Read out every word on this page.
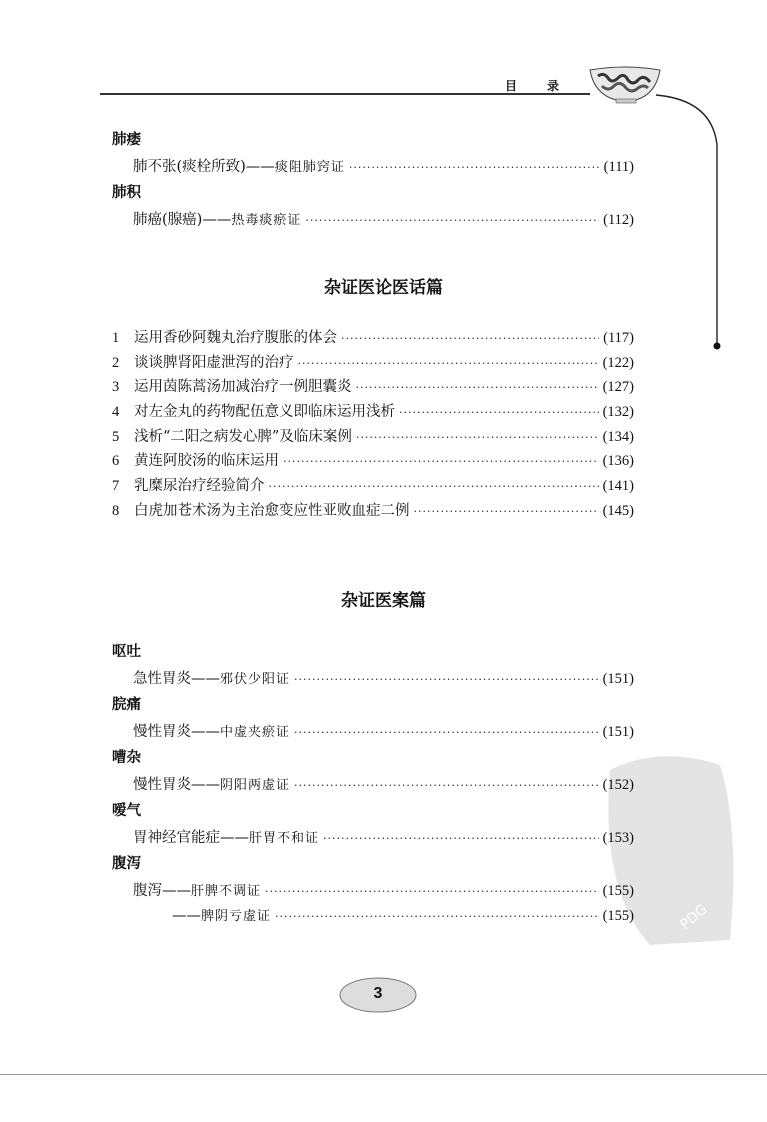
目录
PDG
肺痿
肺不张(痰栓所致)—— 痰阻肺窍证 ·····	(111)
肺积
肺癌(腺癌)—— 热毒痰瘀证 ·····	(112)
杂证医论医话篇
1	运用香砂阿魏丸治疗腹胀的体会 ·····	(117)
2	谈谈脾肾阳虚泄泻的治疗 ·····	(122)
3	运用茵陈蒿汤加减治疗一例胆囊炎 ·····	(127)
4	对左金丸的药物配伍意义即临床运用浅析 ·····	(132)
5	浅析“二阳之病发心脾”及临床案例 ·····	(134)
6	黄连阿胶汤的临床运用 ·····	(136)
7	乳糜尿治疗经验简介 ·····	(141)
8	白虎加苍术汤为主治愈变应性亚败血症二例 ·····	(145)
杂证医案篇
呕吐
急性胃炎—— 邪伏少阳证 ·····	(151)
脘痛
慢性胃炎—— 中虚夹瘀证 ·····	(151)
嘈杂
慢性胃炎—— 阴阳两虚证 ·····	(152)
嗳气
胃神经官能症—— 肝胃不和证 ·····	(153)
腹泻
腹泻—— 肝脾不调证 ·····	(155)
—— 脾阴亏虚证 ·····	(155)
3
